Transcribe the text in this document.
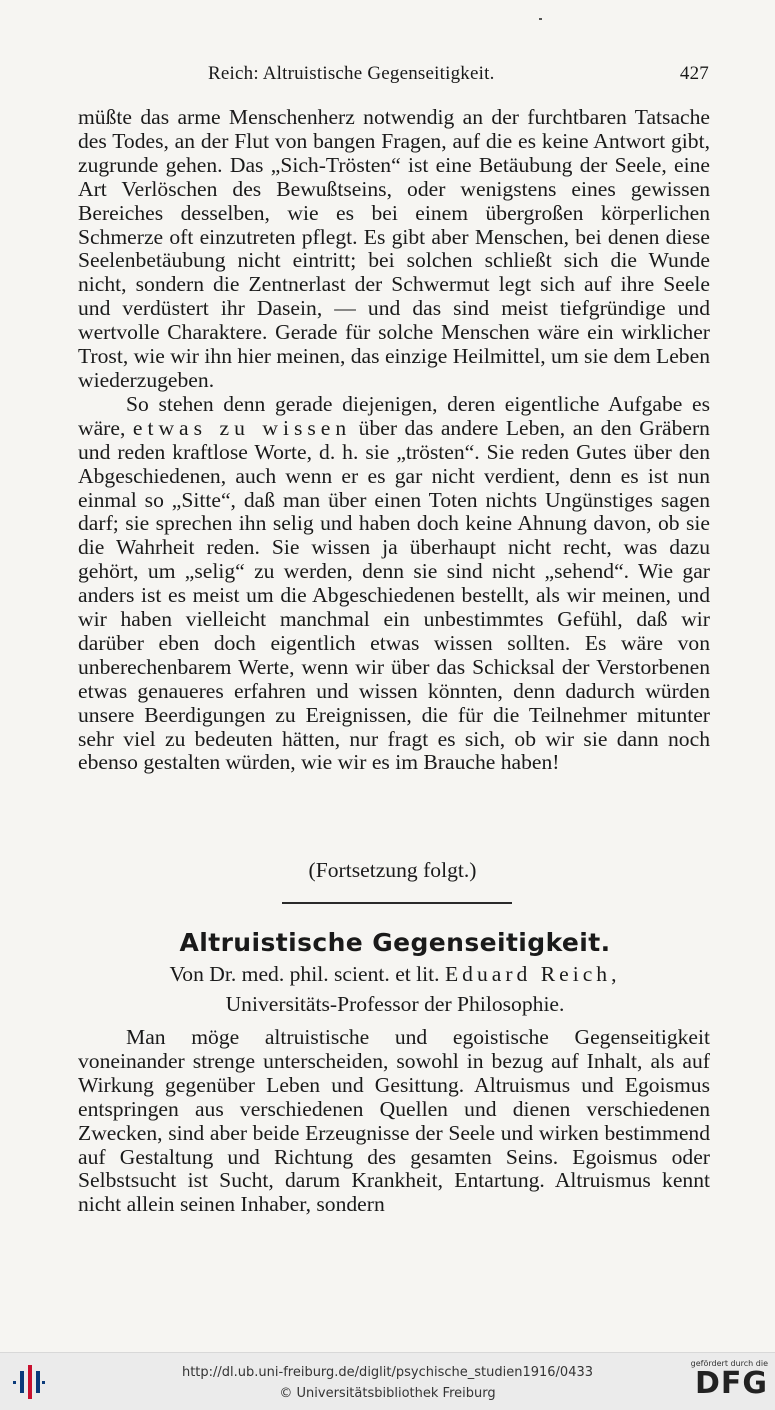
Reich: Altruistische Gegenseitigkeit.	427

müßte das arme Menschenherz notwendig an der furchtbaren Tatsache des Todes, an der Flut von bangen Fragen, auf die es keine Antwort gibt, zugrunde gehen. Das „Sich-Trösten“ ist eine Betäubung der Seele, eine Art Verlöschen des Bewußtseins, oder wenigstens eines gewissen Bereiches desselben, wie es bei einem übergroßen körperlichen Schmerze oft einzutreten pflegt. Es gibt aber Menschen, bei denen diese Seelenbetäubung nicht eintritt; bei solchen schließt sich die Wunde nicht, sondern die Zentnerlast der Schwermut legt sich auf ihre Seele und verdüstert ihr Dasein, — und das sind meist tiefgründige und wertvolle Charaktere. Gerade für solche Menschen wäre ein wirklicher Trost, wie wir ihn hier meinen, das einzige Heilmittel, um sie dem Leben wiederzugeben.

So stehen denn gerade diejenigen, deren eigentliche Aufgabe es wäre, etwas zu wissen über das andere Leben, an den Gräbern und reden kraftlose Worte, d. h. sie „trösten“. Sie reden Gutes über den Abgeschiedenen, auch wenn er es gar nicht verdient, denn es ist nun einmal so „Sitte“, daß man über einen Toten nichts Ungünstiges sagen darf; sie sprechen ihn selig und haben doch keine Ahnung davon, ob sie die Wahrheit reden. Sie wissen ja überhaupt nicht recht, was dazu gehört, um „selig“ zu werden, denn sie sind nicht „sehend“. Wie gar anders ist es meist um die Abgeschiedenen bestellt, als wir meinen, und wir haben vielleicht manchmal ein unbestimmtes Gefühl, daß wir darüber eben doch eigentlich etwas wissen sollten. Es wäre von unberechenbarem Werte, wenn wir über das Schicksal der Verstorbenen etwas genaueres erfahren und wissen könnten, denn dadurch würden unsere Beerdigungen zu Ereignissen, die für die Teilnehmer mitunter sehr viel zu bedeuten hätten, nur fragt es sich, ob wir sie dann noch ebenso gestalten würden, wie wir es im Brauche haben!

(Fortsetzung folgt.)
Altruistische Gegenseitigkeit.
Von Dr. med. phil. scient. et lit. Eduard Reich,
Universitäts-Professor der Philosophie.

Man möge altruistische und egoistische Gegenseitigkeit voneinander strenge unterscheiden, sowohl in bezug auf Inhalt, als auf Wirkung gegenüber Leben und Gesittung. Altruismus und Egoismus entspringen aus verschiedenen Quellen und dienen verschiedenen Zwecken, sind aber beide Erzeugnisse der Seele und wirken bestimmend auf Gestaltung und Richtung des gesamten Seins. Egoismus oder Selbstsucht ist Sucht, darum Krankheit, Entartung. Altruismus kennt nicht allein seinen Inhaber, sondern

http://dl.ub.uni-freiburg.de/diglit/psychische_studien1916/0433
© Universitätsbibliothek Freiburg
gefördert durch die
DFG
